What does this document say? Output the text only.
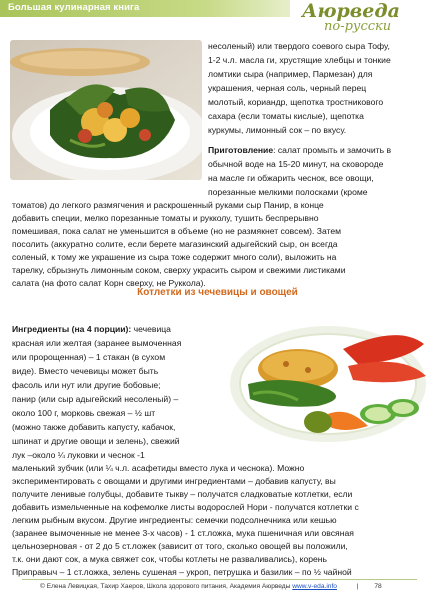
Большая кулинарная книга	Аюрведа
по-русски

несоленый) или твердого соевого сыра Тофу,

1-2 ч.л. масла ги, хрустящие хлебцы и тонкие

ломтики сыра (например, Пармезан) для

украшения, черная соль, черный перец

молотый, кориандр, щепотка тростникового

сахара (если томаты кислые), щепотка

куркумы, лимонный сок – по вкусу.

Приготовление: салат промыть и замочить в

обычной воде на 15-20 минут, на сковороде

на масле ги обжарить чеснок, все овощи,

порезанные мелкими полосками (кроме

томатов) до легкого размягчения и раскрошенный руками сыр Панир, в конце

добавить специи, мелко порезанные томаты и рукколу, тушить беспрерывно

помешивая, пока салат не уменьшится в объеме (но не размякнет совсем). Затем

посолить (аккуратно солите, если берете магазинский адыгейский сыр, он всегда

соленый, к тому же украшение из сыра тоже содержит много соли), выложить на

тарелку, сбрызнуть лимонным соком, сверху украсить сыром и свежими листиками

салата (на фото салат Корн сверху, не Руккола).

Котлетки из чечевицы и овощей

Ингредиенты (на 4 порции): чечевица

красная или желтая (заранее вымоченная

или пророщенная) – 1 стакан (в сухом

виде). Вместо чечевицы может быть

фасоль или нут или другие бобовые;

панир (или сыр адыгейский несоленый) –

около 100 г, морковь свежая – ½ шт

(можно также добавить капусту, кабачок,

шпинат и другие овощи и зелень), свежий

лук –около ¼ луковки и чеснок -1

маленький зубчик (или ¼ ч.л. асафетиды вместо лука и чеснока). Можно

экспериментировать с овощами и другими ингредиентами – добавив капусту, вы

получите ленивые голубцы, добавите тыкву – получатся сладковатые котлетки, если

добавить измельченные на кофемолке листы водорослей Нори - получатся котлетки с

легким рыбным вкусом. Другие ингредиенты: семечки подсолнечника или кешью

(заранее вымоченные не менее 3-х часов) - 1 ст.ложка, мука пшеничная или овсяная

цельнозерновая - от 2 до 5 ст.ложек (зависит от того, сколько овощей вы положили,

т.к. они дают сок, а мука свяжет сок, чтобы котлеты не разваливались), корень

Приправыч – 1 ст.ложка, зелень сушеная – укроп, петрушка и базилик – по ½ чайной

© Елена Левицкая, Тахир Хаеров, Школа здорового питания, Академия Аюрведы www.v-eda.info	| 78
